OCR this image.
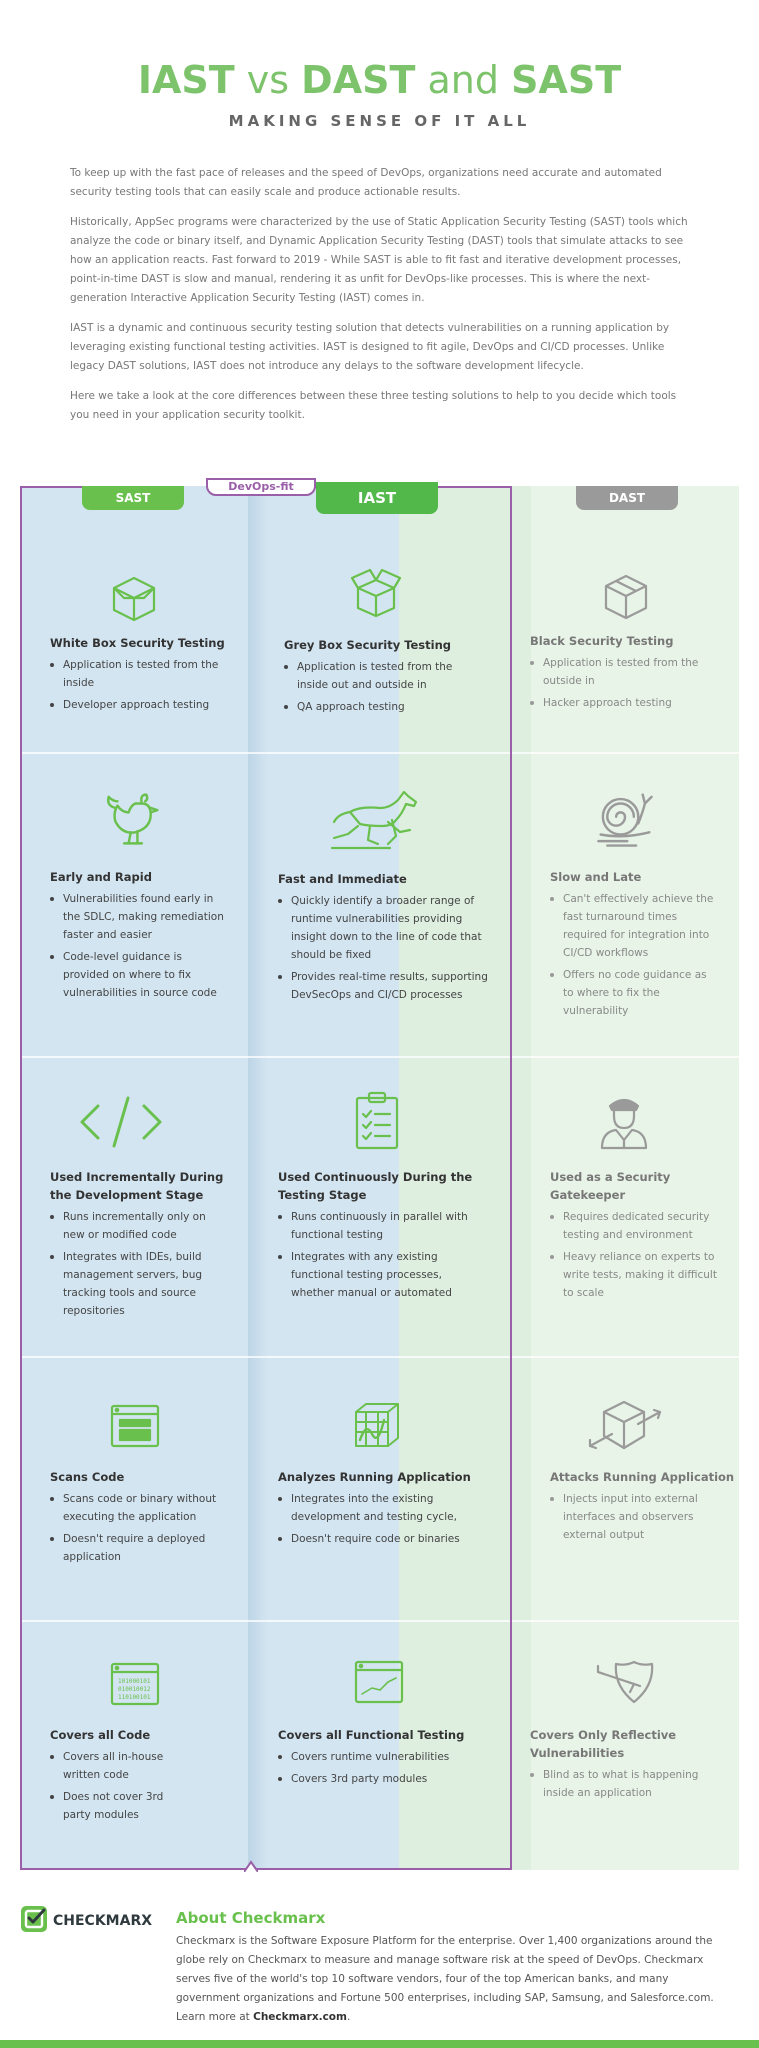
IAST vs DAST and SAST
MAKING SENSE OF IT ALL

To keep up with the fast pace of releases and the speed of DevOps, organizations need accurate and automated security testing tools that can easily scale and produce actionable results.

Historically, AppSec programs were characterized by the use of Static Application Security Testing (SAST) tools which analyze the code or binary itself, and Dynamic Application Security Testing (DAST) tools that simulate attacks to see how an application reacts. Fast forward to 2019 - While SAST is able to fit fast and iterative development processes, point-in-time DAST is slow and manual, rendering it as unfit for DevOps-like processes. This is where the next-generation Interactive Application Security Testing (IAST) comes in.

IAST is a dynamic and continuous security testing solution that detects vulnerabilities on a running application by leveraging existing functional testing activities. IAST is designed to fit agile, DevOps and CI/CD processes. Unlike legacy DAST solutions, IAST does not introduce any delays to the software development lifecycle.

Here we take a look at the core differences between these three testing solutions to help to you decide which tools you need in your application security toolkit.

SAST
DevOps-fit
IAST	DAST
White Box Security Testing
Application is tested from the inside
Developer approach testing
Grey Box Security Testing
Application is tested from the inside out and outside in
QA approach testing
Black Security Testing
Application is tested from the outside in
Hacker approach testing
Early and Rapid
Vulnerabilities found early in the SDLC, making remediation faster and easier
Code-level guidance is provided on where to fix vulnerabilities in source code
Fast and Immediate
Quickly identify a broader range of runtime vulnerabilities providing insight down to the line of code that should be fixed
Provides real-time results, supporting DevSecOps and CI/CD processes
Slow and Late
Can't effectively achieve the fast turnaround times required for integration into CI/CD workflows
Offers no code guidance as to where to fix the vulnerability
Used Incrementally During the Development Stage
Runs incrementally only on new or modified code
Integrates with IDEs, build management servers, bug tracking tools and source repositories
Used Continuously During the Testing Stage
Runs continuously in parallel with functional testing
Integrates with any existing functional testing processes, whether manual or automated
Used as a Security Gatekeeper
Requires dedicated security testing and environment
Heavy reliance on experts to write tests, making it difficult to scale
Scans Code
Scans code or binary without executing the application
Doesn't require a deployed application
Analyzes Running Application
Integrates into the existing development and testing cycle,
Doesn't require code or binaries
Attacks Running Application
Injects input into external interfaces and observers external output
101000101
010010012
110100101
Covers all Code
Covers all in-house written code
Does not cover 3rd party modules
Covers all Functional Testing
Covers runtime vulnerabilities
Covers 3rd party modules
Covers Only Reflective Vulnerabilities
Blind as to what is happening inside an application
CHECKMARX About Checkmarx
Checkmarx is the Software Exposure Platform for the enterprise. Over 1,400 organizations around the globe rely on Checkmarx to measure and manage software risk at the speed of DevOps. Checkmarx serves five of the world's top 10 software vendors, four of the top American banks, and many government organizations and Fortune 500 enterprises, including SAP, Samsung, and Salesforce.com. Learn more at Checkmarx.com.
